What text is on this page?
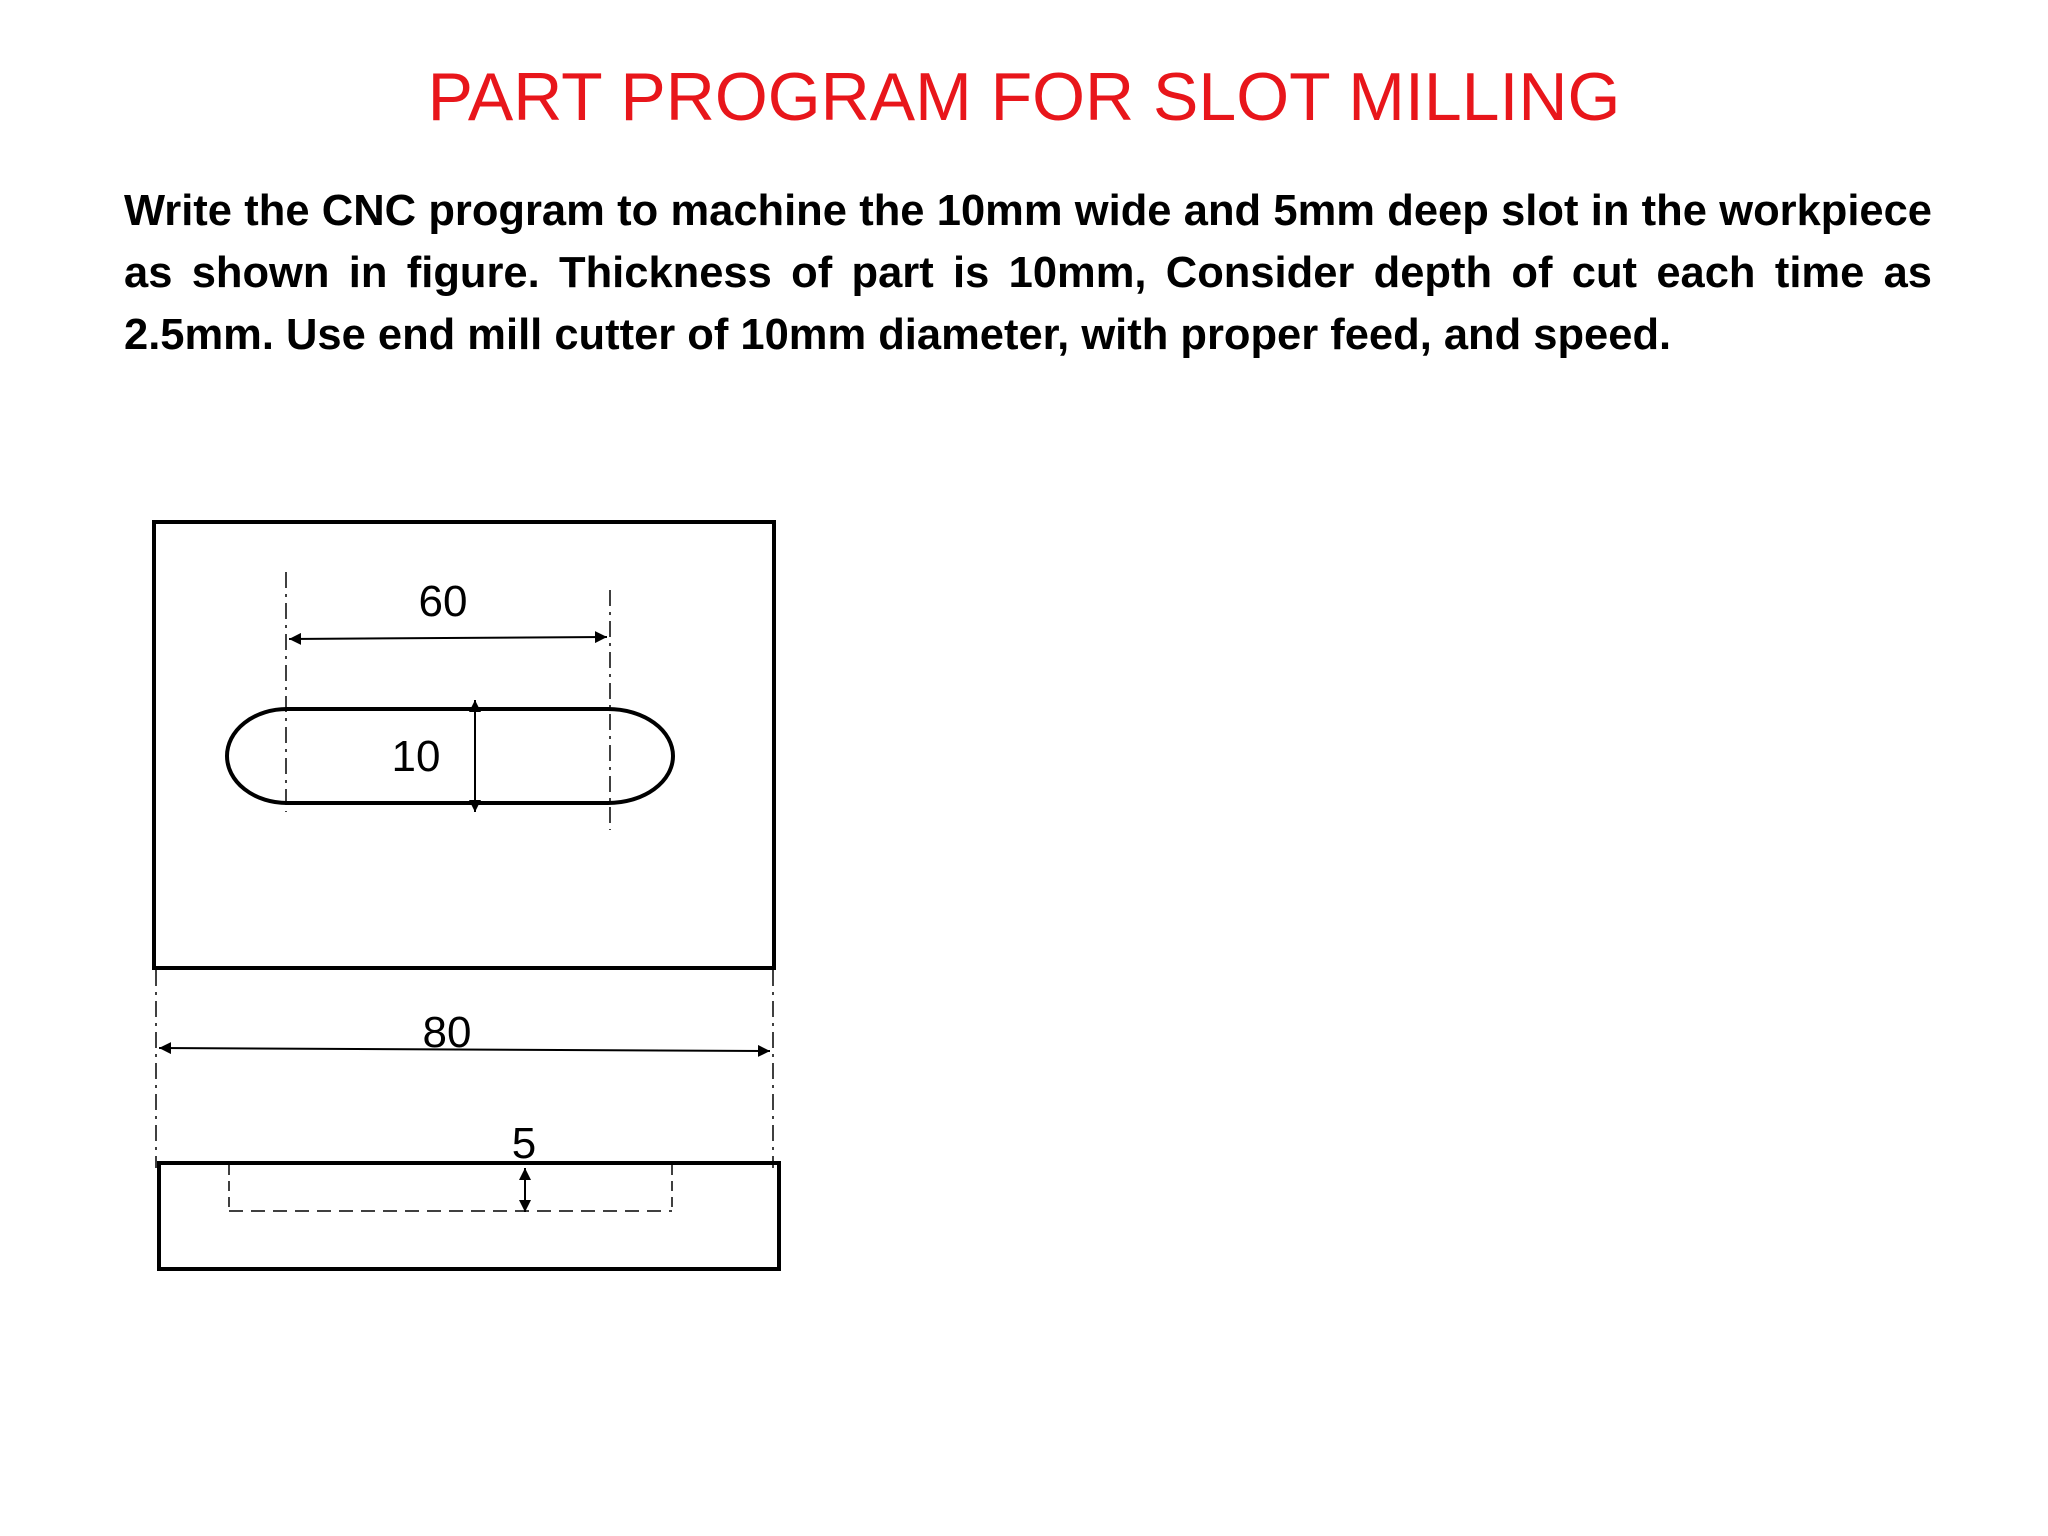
PART PROGRAM FOR SLOT MILLING

Write the CNC program to machine the 10mm wide and 5mm deep slot in the workpiece as shown in figure. Thickness of part is 10mm, Consider depth of cut each time as 2.5mm. Use end mill cutter of 10mm diameter, with proper feed, and speed.

60
10
80
5
